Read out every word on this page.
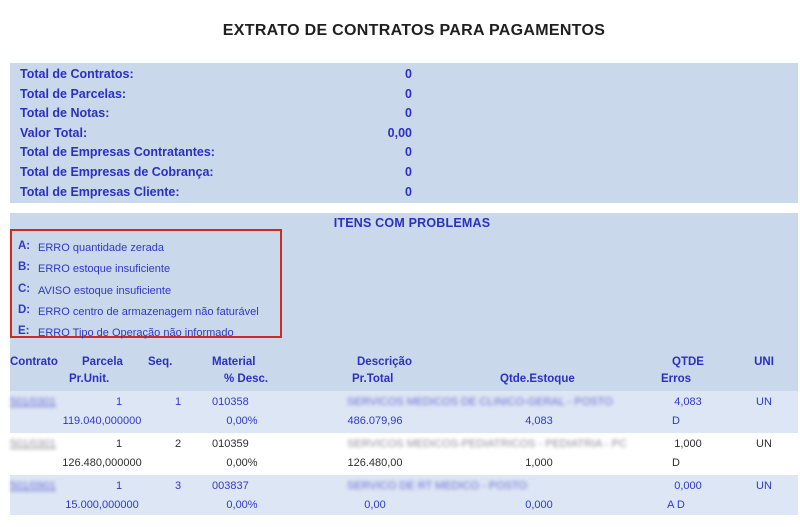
EXTRATO DE CONTRATOS PARA PAGAMENTOS
Total de Contratos:	0
Total de Parcelas:	0
Total de Notas:	0
Valor Total:	0,00
Total de Empresas Contratantes:	0
Total de Empresas de Cobrança:	0
Total de Empresas Cliente:	0
ITENS COM PROBLEMAS
A: ERRO quantidade zerada
B: ERRO estoque insuficiente
C: AVISO estoque insuficiente
D: ERRO centro de armazenagem não faturável
E: ERRO Tipo de Operação não informado
Contrato Parcela Seq.	Material	Descrição	QTDE	UNI
Pr.Unit.	% Desc.	Pr.Total	Qtde.Estoque	Erros
501/0301	1	1	010358	SERVICOS MEDICOS DE CLINICO-GERAL - POSTO	4,083	UN
119.040,000000	0,00%	486.079,96	4,083	D
501/0301	1	2	010359	SERVICOS MEDICOS-PEDIATRICOS - PEDIATRIA - PC	1,000	UN
126.480,000000	0,00%	126.480,00	1,000	D
501/0901	1	3	003837	SERVICO DE RT MEDICO - POSTO	0,000	UN
15.000,000000	0,00%	0,00	0,000	A D
